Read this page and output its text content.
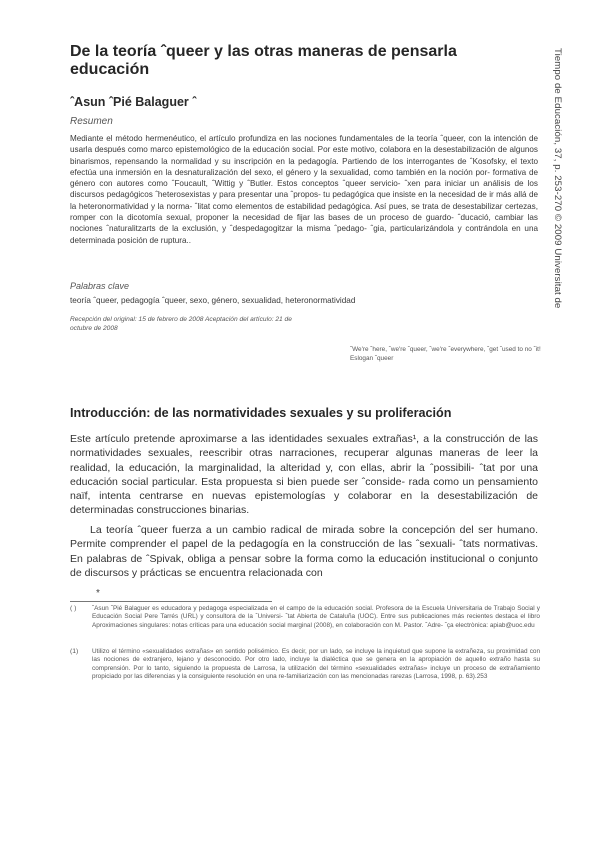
De la teoría ˆqueer y las otras maneras de pensarla educación

ˆAsun ˆPié Balaguer ˆ

Resumen

Mediante el método hermenéutico, el artículo profundiza en las nociones fundamentales de la teoría ˆqueer, con la intención de usarla después como marco epistemológico de la educación social. Por este motivo, colabora en la desestabilización de algunos binarismos, repensando la normalidad y su inscripción en la pedagogía. Partiendo de los interrogantes de ˆKosofsky, el texto efectúa una inmersión en la desnaturalización del sexo, el género y la sexualidad, como también en la noción por- formativa de género con autores como ˆFoucault, ˆWittig y ˆButler. Estos conceptos ˆqueer servicio- ˆxen para iniciar un análisis de los discursos pedagógicos ˆheterosexistas y para presentar una ˆpropos- tu pedagógica que insiste en la necesidad de ir más allá de la heteronormatividad y la norma- ˆlitat como elementos de estabilidad pedagógica. Así pues, se trata de desestabilizar certezas, romper con la dicotomía sexual, proponer la necesidad de fijar las bases de un proceso de guardo- ˆducació, cambiar las nociones ˆnaturalitzarts de la exclusión, y ˆdespedagogitzar la misma ˆpedago- ˆgia, particularizándola y contrándola en una determinada posición de ruptura..

Palabras clave

teoría ˆqueer, pedagogía ˆqueer, sexo, género, sexualidad, heteronormatividad

Recepción del original: 15 de febrero de 2008 Aceptación del artículo: 21 de octubre de 2008

ˆWe're ˆhere, ˆwe're ˆqueer, ˆwe're ˆeverywhere, ˆget ˆused to no ˆit! Eslogan ˆqueer

Tiempo de Educación, 37, p. 253-270 © 2009 Universitat de
Introducción: de las normatividades sexuales y su proliferación

Este artículo pretende aproximarse a las identidades sexuales extrañas¹, a la construcción de las normatividades sexuales, reescribir otras narraciones, recuperar algunas maneras de leer la realidad, la educación, la marginalidad, la alteridad y, con ellas, abrir la ˆpossibili- ˆtat por una educación social particular. Esta propuesta si bien puede ser ˆconside- rada como un pensamiento naïf, intenta centrarse en nuevas epistemologías y colaborar en la desestabilización de determinadas construcciones binarias.

La teoría ˆqueer fuerza a un cambio radical de mirada sobre la concepción del ser humano. Permite comprender el papel de la pedagogía en la construcción de las ˆsexuali- ˆtats normativas. En palabras de ˆSpivak, obliga a pensar sobre la forma como la educación institucional o conjunto de discursos y prácticas se encuentra relacionada con

*

( ) ˆAsun ˆPié Balaguer es educadora y pedagoga especializada en el campo de la educación social. Profesora de la Escuela Universitaria de Trabajo Social y Educación Social Pere Tarrés (URL) y consultora de la ˆUniversi- ˆtat Abierta de Cataluña (UOC). Entre sus publicaciones más recientes destaca el libro Aproximaciones singulares: notas críticas para una educación social marginal (2008), en colaboración con M. Pastor. ˆAdre- ˆça electrònica: apiab@uoc.edu
(1) Utilizo el término «sexualidades extrañas» en sentido polisémico. Es decir, por un lado, se incluye la inquietud que supone la extrañeza, su proximidad con las nociones de extranjero, lejano y desconocido. Por otro lado, incluye la dialéctica que se genera en la apropiación de aquello extraño hasta su comprensión. Por lo tanto, siguiendo la propuesta de Larrosa, la utilización del término «sexualidades extrañas» incluye un proceso de extrañamiento propiciado por las diferencias y la consiguiente resolución en una re-familiarización con las mencionadas rarezas (Larrosa, 1998, p. 63).253
